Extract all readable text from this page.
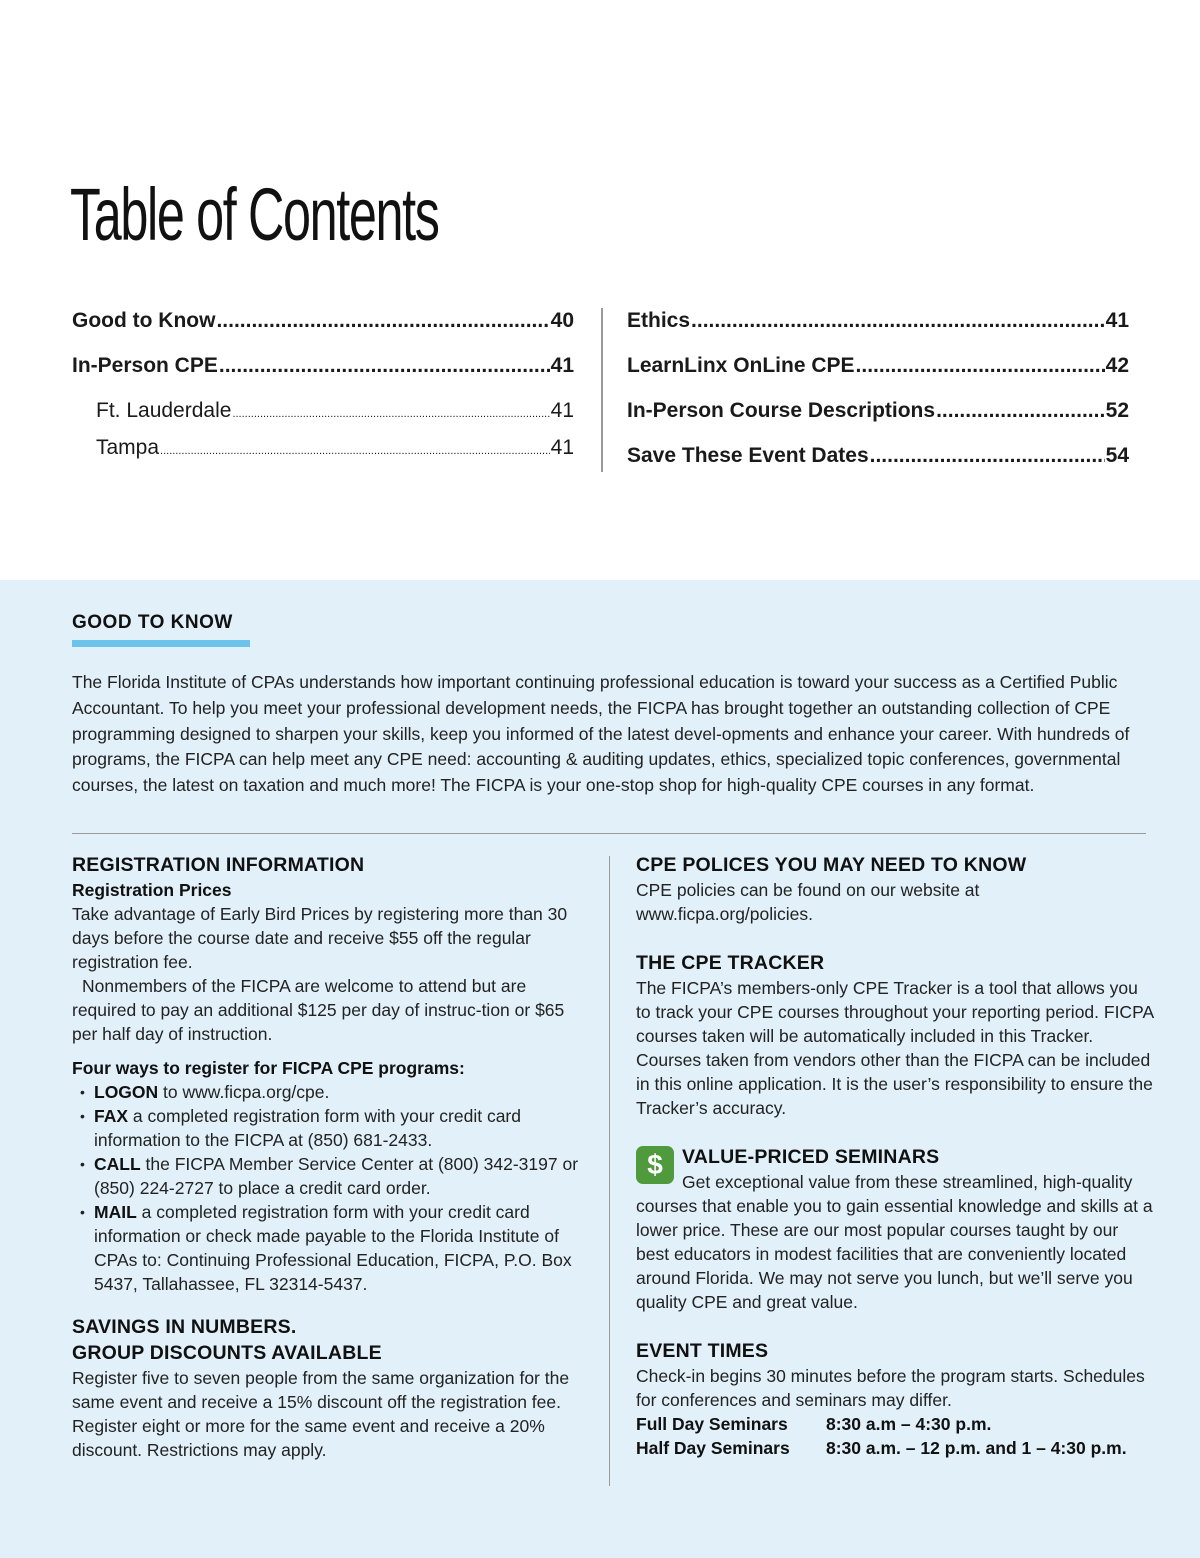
Table of Contents
Good to Know .....	40
In-Person CPE .....	41
Ft. Lauderdale .....	41
Tampa .....	41
Ethics .....	41
LearnLinx OnLine CPE .....	42
In-Person Course Descriptions .....	52
Save These Event Dates .....	54
GOOD TO KNOW

The Florida Institute of CPAs understands how important continuing professional education is toward your success as a Certified Public Accountant. To help you meet your professional development needs, the FICPA has brought together an outstanding collection of CPE programming designed to sharpen your skills, keep you informed of the latest devel-opments and enhance your career. With hundreds of programs, the FICPA can help meet any CPE need: accounting & auditing updates, ethics, specialized topic conferences, governmental courses, the latest on taxation and much more! The FICPA is your one-stop shop for high-quality CPE courses in any format.

REGISTRATION INFORMATION
Registration Prices

Take advantage of Early Bird Prices by registering more than 30 days before the course date and receive $55 off the regular registration fee.

Nonmembers of the FICPA are welcome to attend but are required to pay an additional $125 per day of instruc-tion or $65 per half day of instruction.

Four ways to register for FICPA CPE programs:
• LOGON to www.ficpa.org/cpe.
• FAX a completed registration form with your credit card information to the FICPA at (850) 681-2433.
• CALL the FICPA Member Service Center at (800) 342-3197 or (850) 224-2727 to place a credit card order.
• MAIL a completed registration form with your credit card information or check made payable to the Florida Institute of CPAs to: Continuing Professional Education, FICPA, P.O. Box 5437, Tallahassee, FL 32314-5437.
SAVINGS IN NUMBERS.
GROUP DISCOUNTS AVAILABLE

Register five to seven people from the same organization for the same event and receive a 15% discount off the registration fee. Register eight or more for the same event and receive a 20% discount. Restrictions may apply.

CPE POLICES YOU MAY NEED TO KNOW

CPE policies can be found on our website at www.ficpa.org/policies.

THE CPE TRACKER

The FICPA’s members-only CPE Tracker is a tool that allows you to track your CPE courses throughout your reporting period. FICPA courses taken will be automatically included in this Tracker. Courses taken from vendors other than the FICPA can be included in this online application. It is the user’s responsibility to ensure the Tracker’s accuracy.

$ VALUE-PRICED SEMINARS

Get exceptional value from these streamlined, high-quality courses that enable you to gain essential knowledge and skills at a lower price. These are our most popular courses taught by our best educators in modest facilities that are conveniently located around Florida. We may not serve you lunch, but we’ll serve you quality CPE and great value.

EVENT TIMES

Check-in begins 30 minutes before the program starts. Schedules for conferences and seminars may differ.

Full Day Seminars	8:30 a.m – 4:30 p.m.
Half Day Seminars	8:30 a.m. – 12 p.m. and 1 – 4:30 p.m.
